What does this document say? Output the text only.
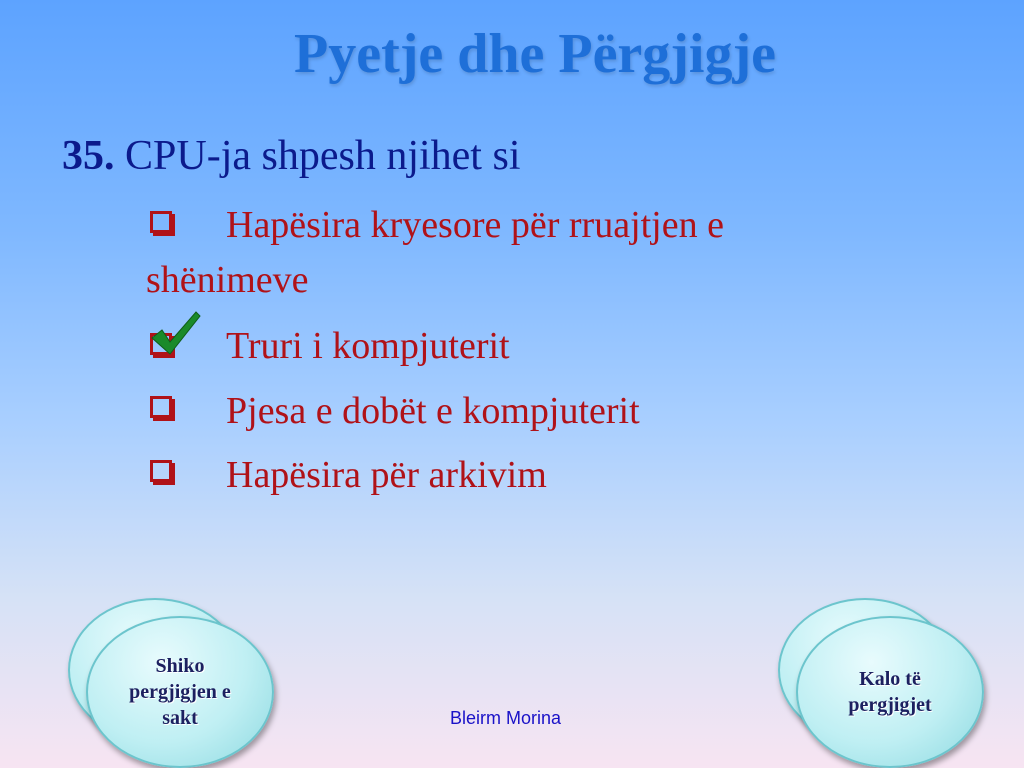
Pyetje dhe Përgjigje
35. CPU-ja shpesh njihet si
Hapësira kryesore për rruajtjen e
shënimeve
Truri i kompjuterit
Pjesa e dobët e kompjuterit
Hapësira për arkivim
Shiko pergjigjen e sakt
Kalo të pergjigjet
Bleirm Morina
